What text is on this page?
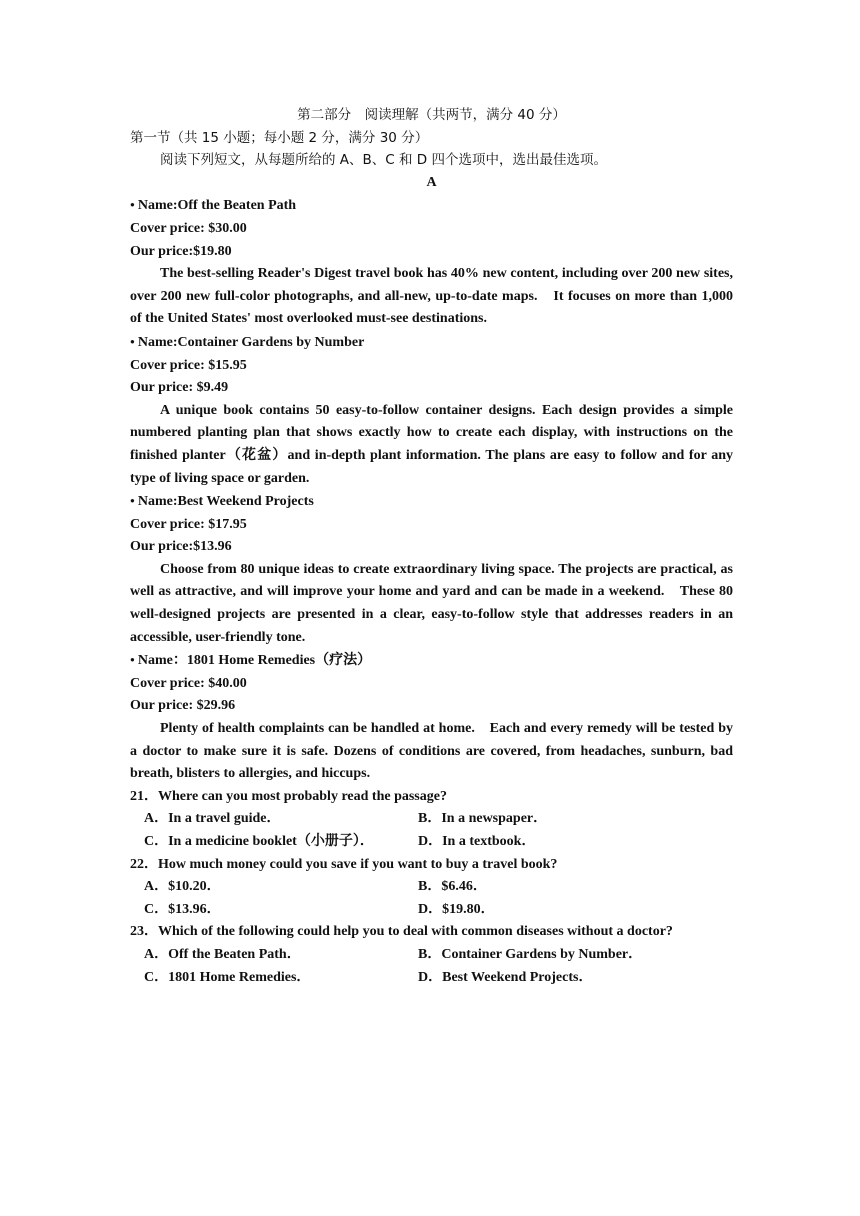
第二部分　阅读理解（共两节，满分 40 分）
第一节（共 15 小题；每小题 2 分，满分 30 分）
阅读下列短文，从每题所给的 A、B、C 和 D 四个选项中，选出最佳选项。
A
● Name:Off the Beaten Path
Cover price: $30.00
Our price:$19.80
The best-selling Reader's Digest travel book has 40% new content, including over 200 new sites, over 200 new full-color photographs, and all-new, up-to-date maps.　It focuses on more than 1,000 of the United States' most overlooked must-see destinations.
● Name:Container Gardens by Number
Cover price: $15.95
Our price: $9.49
A unique book contains 50 easy-to-follow container designs. Each design provides a simple numbered planting plan that shows exactly how to create each display, with instructions on the finished planter（花盆）and in-depth plant information. The plans are easy to follow and for any type of living space or garden.
● Name:Best Weekend Projects
Cover price: $17.95
Our price:$13.96
Choose from 80 unique ideas to create extraordinary living space. The projects are practical, as well as attractive, and will improve your home and yard and can be made in a weekend.　These 80 well-designed projects are presented in a clear, easy-to-follow style that addresses readers in an accessible, user-friendly tone.
● Name：1801 Home Remedies（疗法）
Cover price: $40.00
Our price: $29.96
Plenty of health complaints can be handled at home.　Each and every remedy will be tested by a doctor to make sure it is safe. Dozens of conditions are covered, from headaches, sunburn, bad breath, blisters to allergies, and hiccups.
21．Where can you most probably read the passage?
A．In a travel guide．	B．In a newspaper．
C．In a medicine booklet（小册子）．	D．In a textbook．
22．How much money could you save if you want to buy a travel book?
A．$10.20．	B．$6.46．
C．$13.96．	D．$19.80．
23．Which of the following could help you to deal with common diseases without a doctor?
A．Off the Beaten Path．	B．Container Gardens by Number．
C．1801 Home Remedies．	D．Best Weekend Projects．
